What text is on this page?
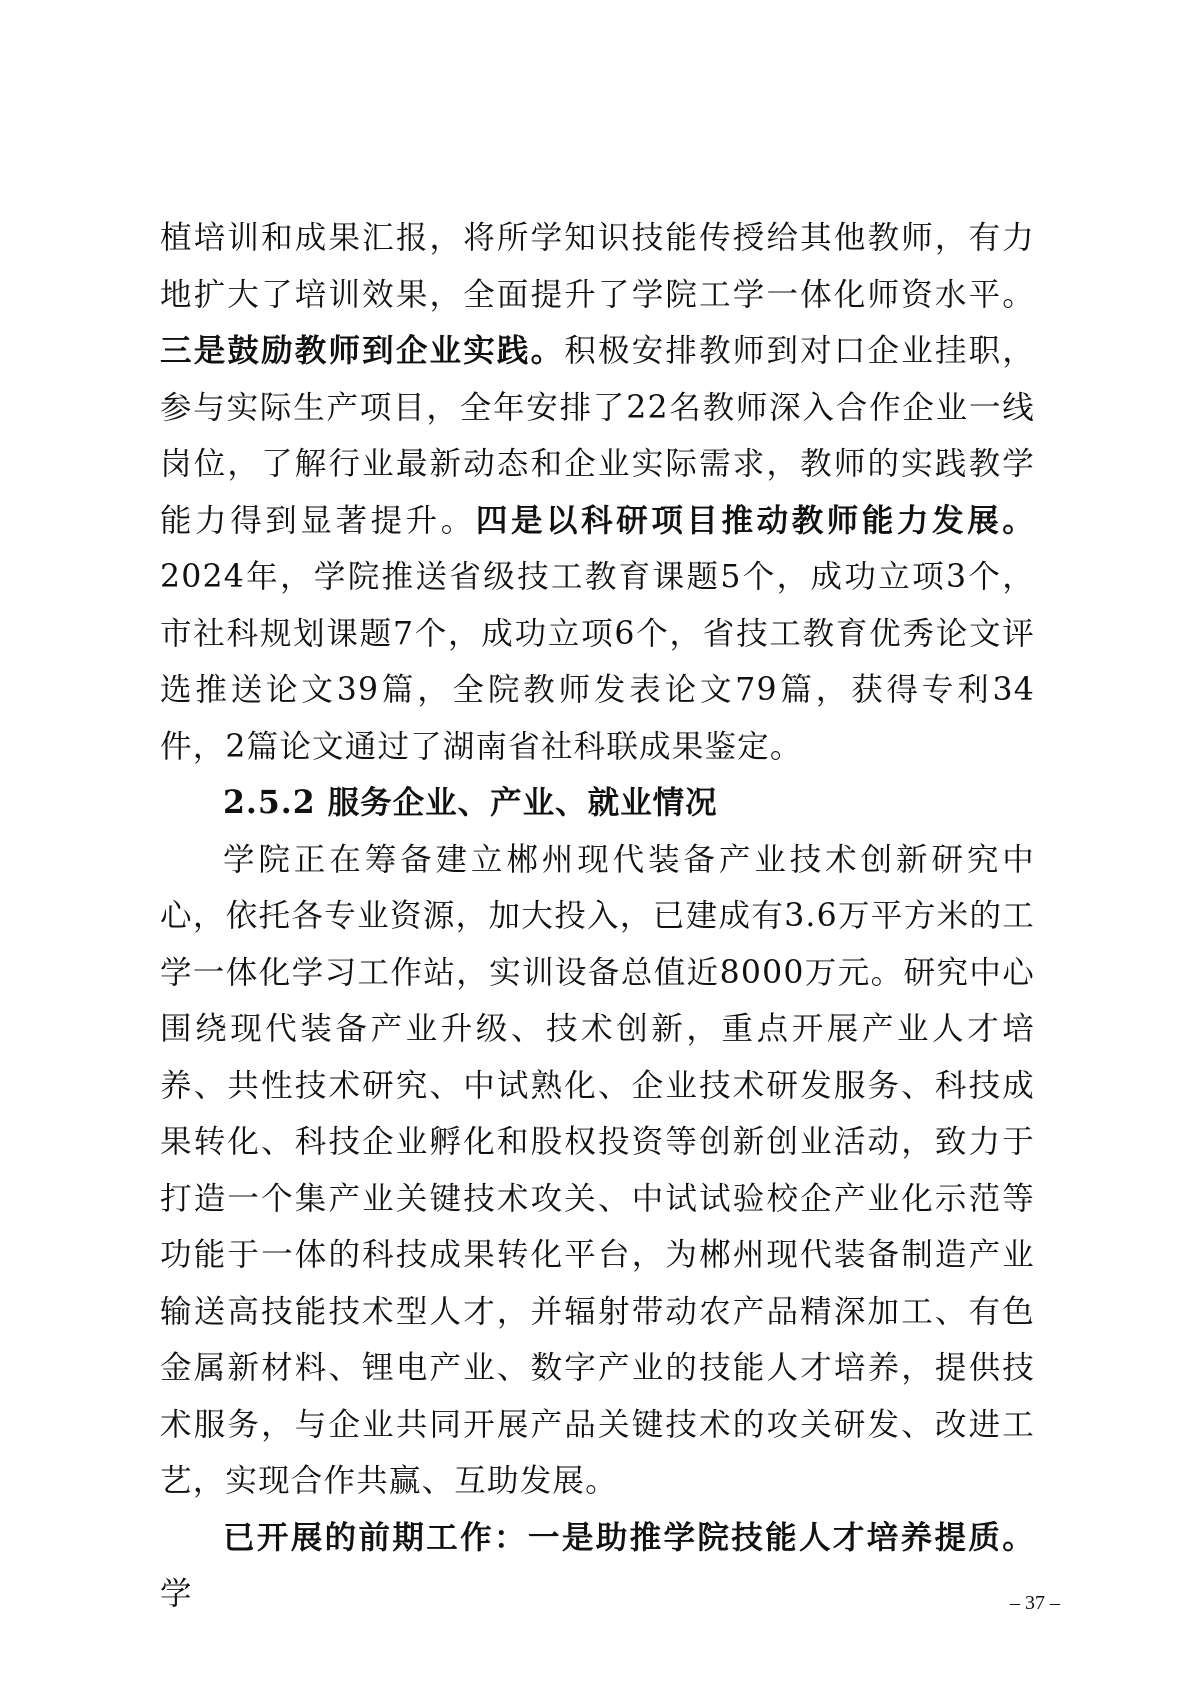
植培训和成果汇报，将所学知识技能传授给其他教师，有力地扩大了培训效果，全面提升了学院工学一体化师资水平。三是鼓励教师到企业实践。积极安排教师到对口企业挂职，参与实际生产项目，全年安排了22名教师深入合作企业一线岗位，了解行业最新动态和企业实际需求，教师的实践教学能力得到显著提升。四是以科研项目推动教师能力发展。2024年，学院推送省级技工教育课题5个，成功立项3个，市社科规划课题7个，成功立项6个，省技工教育优秀论文评选推送论文39篇，全院教师发表论文79篇，获得专利34件，2篇论文通过了湖南省社科联成果鉴定。

2.5.2 服务企业、产业、就业情况

学院正在筹备建立郴州现代装备产业技术创新研究中心，依托各专业资源，加大投入，已建成有3.6万平方米的工学一体化学习工作站，实训设备总值近8000万元。研究中心围绕现代装备产业升级、技术创新，重点开展产业人才培养、共性技术研究、中试熟化、企业技术研发服务、科技成果转化、科技企业孵化和股权投资等创新创业活动，致力于打造一个集产业关键技术攻关、中试试验校企产业化示范等功能于一体的科技成果转化平台，为郴州现代装备制造产业输送高技能技术型人才，并辐射带动农产品精深加工、有色金属新材料、锂电产业、数字产业的技能人才培养，提供技术服务，与企业共同开展产品关键技术的攻关研发、改进工艺，实现合作共赢、互助发展。

已开展的前期工作：一是助推学院技能人才培养提质。学	– 37 –
